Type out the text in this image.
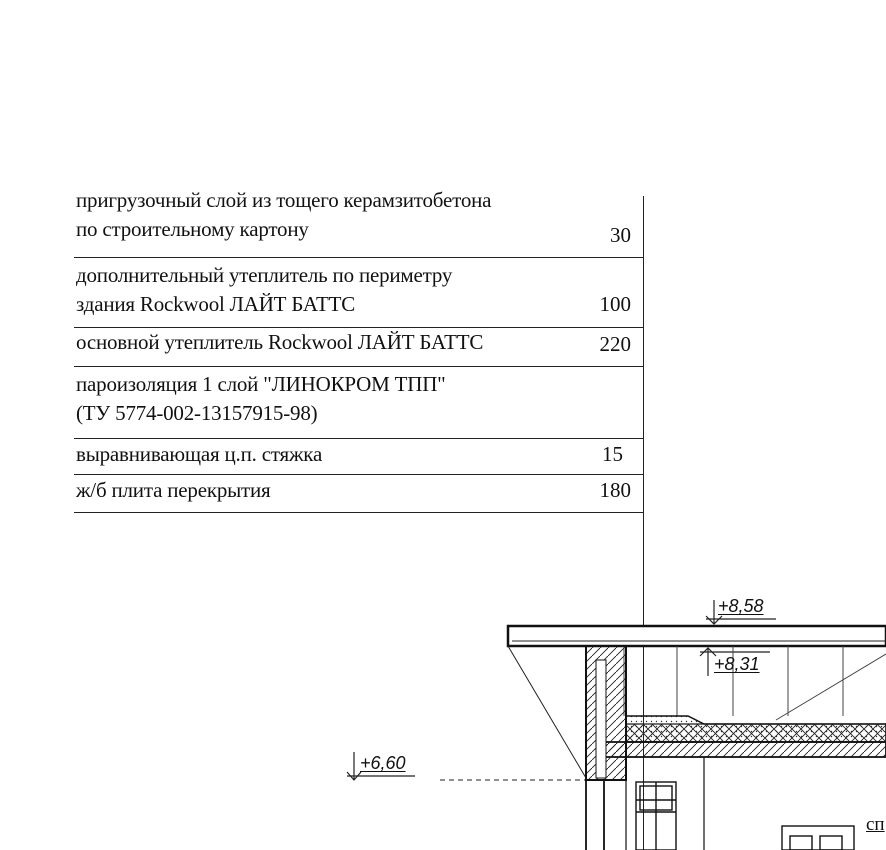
пригрузочный слой из тощего керамзитобетона
по строительному картону	30
дополнительный утеплитель по периметру
здания Rockwool ЛАЙТ БАТТС	100
основной утеплитель Rockwool ЛАЙТ БАТТС	220
пароизоляция 1 слой "ЛИНОКРОМ ТПП"
(ТУ 5774-002-13157915-98)
выравнивающая ц.п. стяжка	15
ж/б плита перекрытия	180
+8,58
+8,31
+6,60
сп
